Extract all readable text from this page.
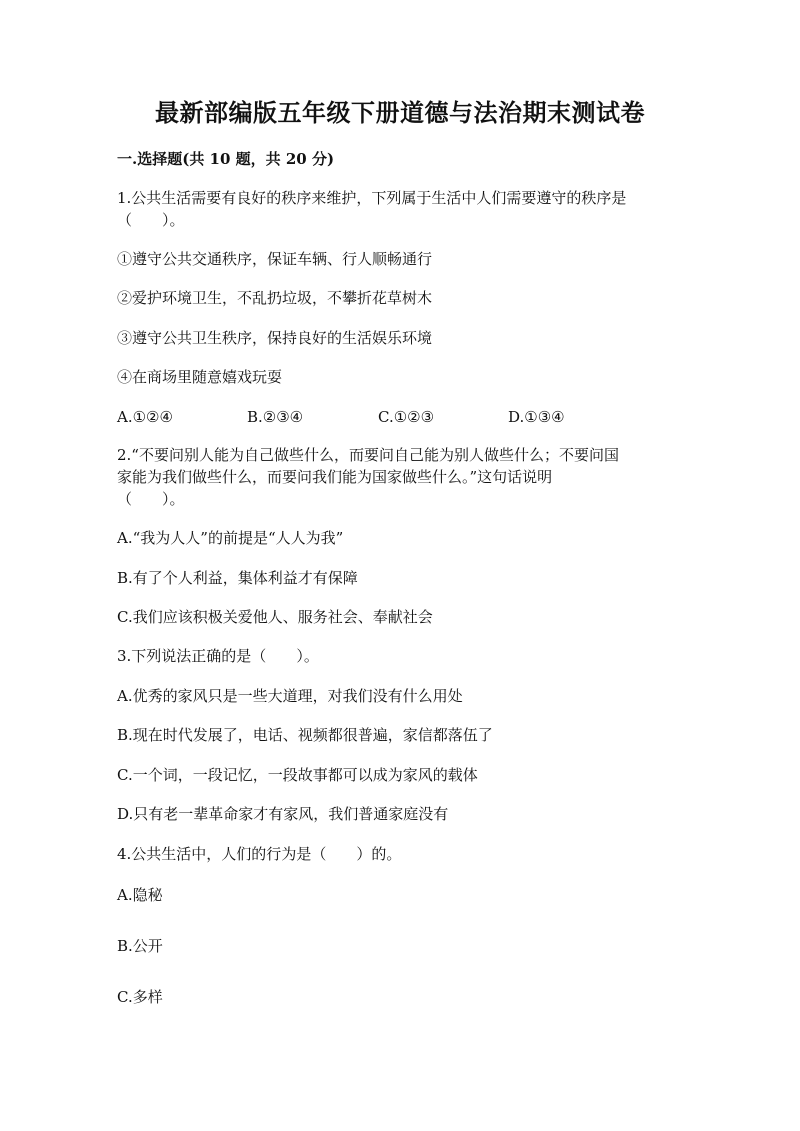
最新部编版五年级下册道德与法治期末测试卷
一.选择题(共 10 题，共 20 分)
1.公共生活需要有良好的秩序来维护，下列属于生活中人们需要遵守的秩序是
（　　）。
①遵守公共交通秩序，保证车辆、行人顺畅通行
②爱护环境卫生，不乱扔垃圾，不攀折花草树木
③遵守公共卫生秩序，保持良好的生活娱乐环境
④在商场里随意嬉戏玩耍
A.①②④	B.②③④	C.①②③	D.①③④
2.“不要问别人能为自己做些什么，而要问自己能为别人做些什么；不要问国
家能为我们做些什么，而要问我们能为国家做些什么。”这句话说明
（　　）。
A.“我为人人”的前提是“人人为我”
B.有了个人利益，集体利益才有保障
C.我们应该积极关爱他人、服务社会、奉献社会
3.下列说法正确的是（　　）。
A.优秀的家风只是一些大道理，对我们没有什么用处
B.现在时代发展了，电话、视频都很普遍，家信都落伍了
C.一个词，一段记忆，一段故事都可以成为家风的载体
D.只有老一辈革命家才有家风，我们普通家庭没有
4.公共生活中，人们的行为是（　　）的。
A.隐秘
B.公开
C.多样
